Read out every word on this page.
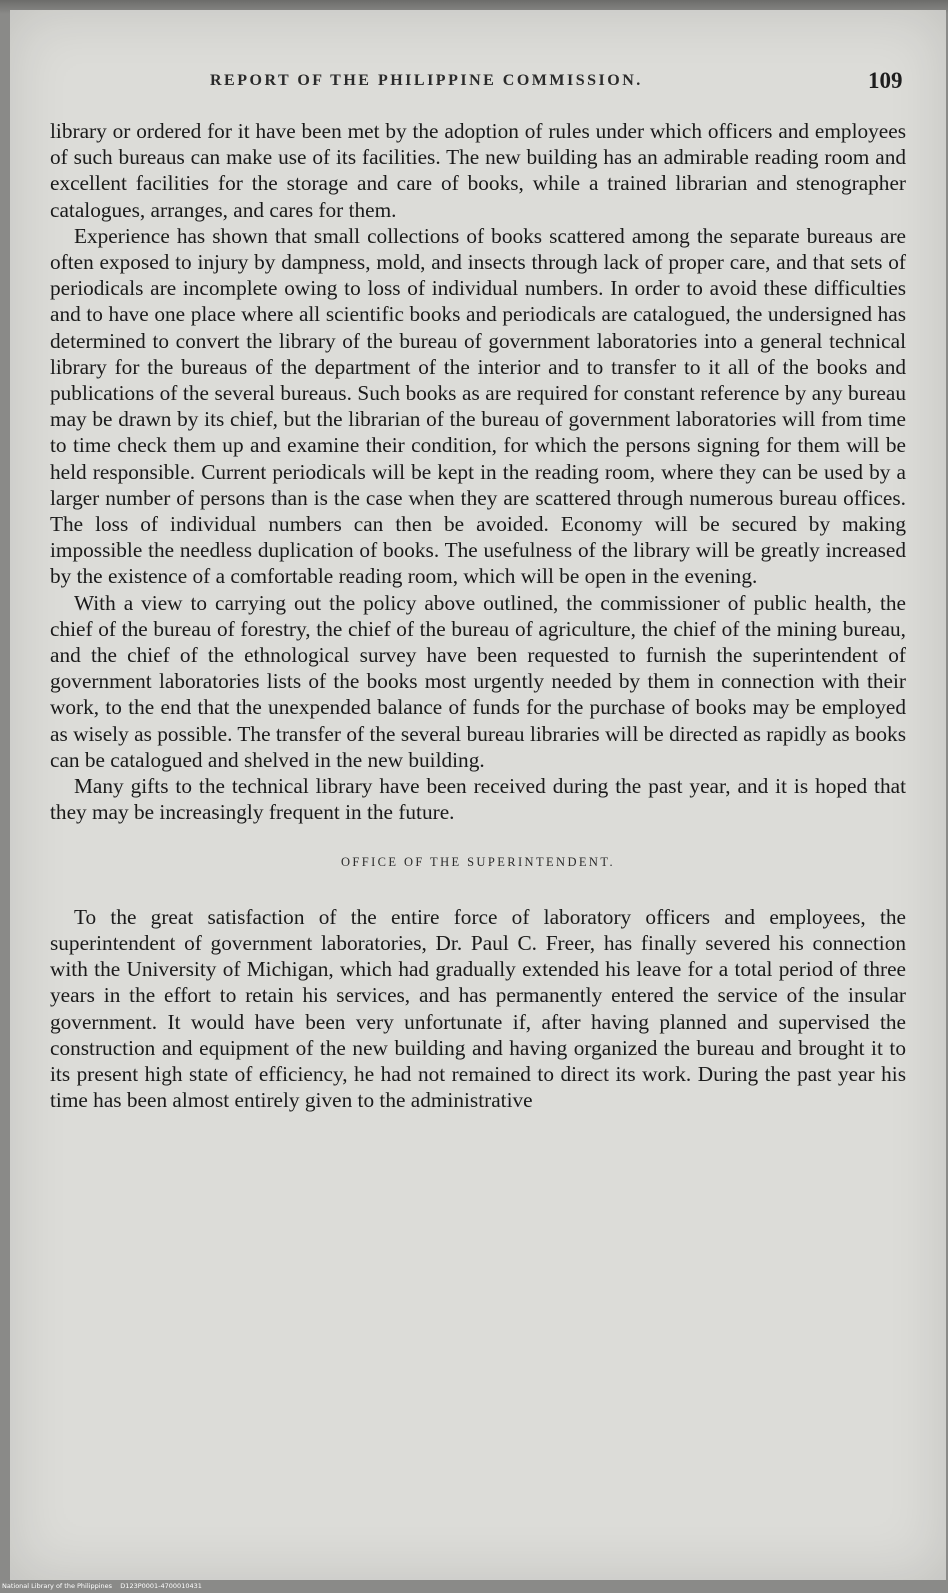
REPORT OF THE PHILIPPINE COMMISSION.	109

library or ordered for it have been met by the adoption of rules under which officers and employees of such bureaus can make use of its facilities. The new building has an admirable reading room and excellent facilities for the storage and care of books, while a trained librarian and stenographer catalogues, arranges, and cares for them.

Experience has shown that small collections of books scattered among the separate bureaus are often exposed to injury by dampness, mold, and insects through lack of proper care, and that sets of periodicals are incomplete owing to loss of individual numbers. In order to avoid these difficulties and to have one place where all scientific books and periodicals are catalogued, the undersigned has determined to convert the library of the bureau of government laboratories into a general technical library for the bureaus of the department of the interior and to transfer to it all of the books and publications of the several bureaus. Such books as are required for constant reference by any bureau may be drawn by its chief, but the librarian of the bureau of government laboratories will from time to time check them up and examine their condition, for which the persons signing for them will be held responsible. Current periodicals will be kept in the reading room, where they can be used by a larger number of persons than is the case when they are scattered through numerous bureau offices. The loss of individual numbers can then be avoided. Economy will be secured by making impossible the needless duplication of books. The usefulness of the library will be greatly increased by the existence of a comfortable reading room, which will be open in the evening.

With a view to carrying out the policy above outlined, the commissioner of public health, the chief of the bureau of forestry, the chief of the bureau of agriculture, the chief of the mining bureau, and the chief of the ethnological survey have been requested to furnish the superintendent of government laboratories lists of the books most urgently needed by them in connection with their work, to the end that the unexpended balance of funds for the purchase of books may be employed as wisely as possible. The transfer of the several bureau libraries will be directed as rapidly as books can be catalogued and shelved in the new building.

Many gifts to the technical library have been received during the past year, and it is hoped that they may be increasingly frequent in the future.

OFFICE OF THE SUPERINTENDENT.

To the great satisfaction of the entire force of laboratory officers and employees, the superintendent of government laboratories, Dr. Paul C. Freer, has finally severed his connection with the University of Michigan, which had gradually extended his leave for a total period of three years in the effort to retain his services, and has permanently entered the service of the insular government. It would have been very unfortunate if, after having planned and supervised the construction and equipment of the new building and having organized the bureau and brought it to its present high state of efficiency, he had not remained to direct its work. During the past year his time has been almost entirely given to the administrative

National Library of the Philippines D123P0001-4700010431
